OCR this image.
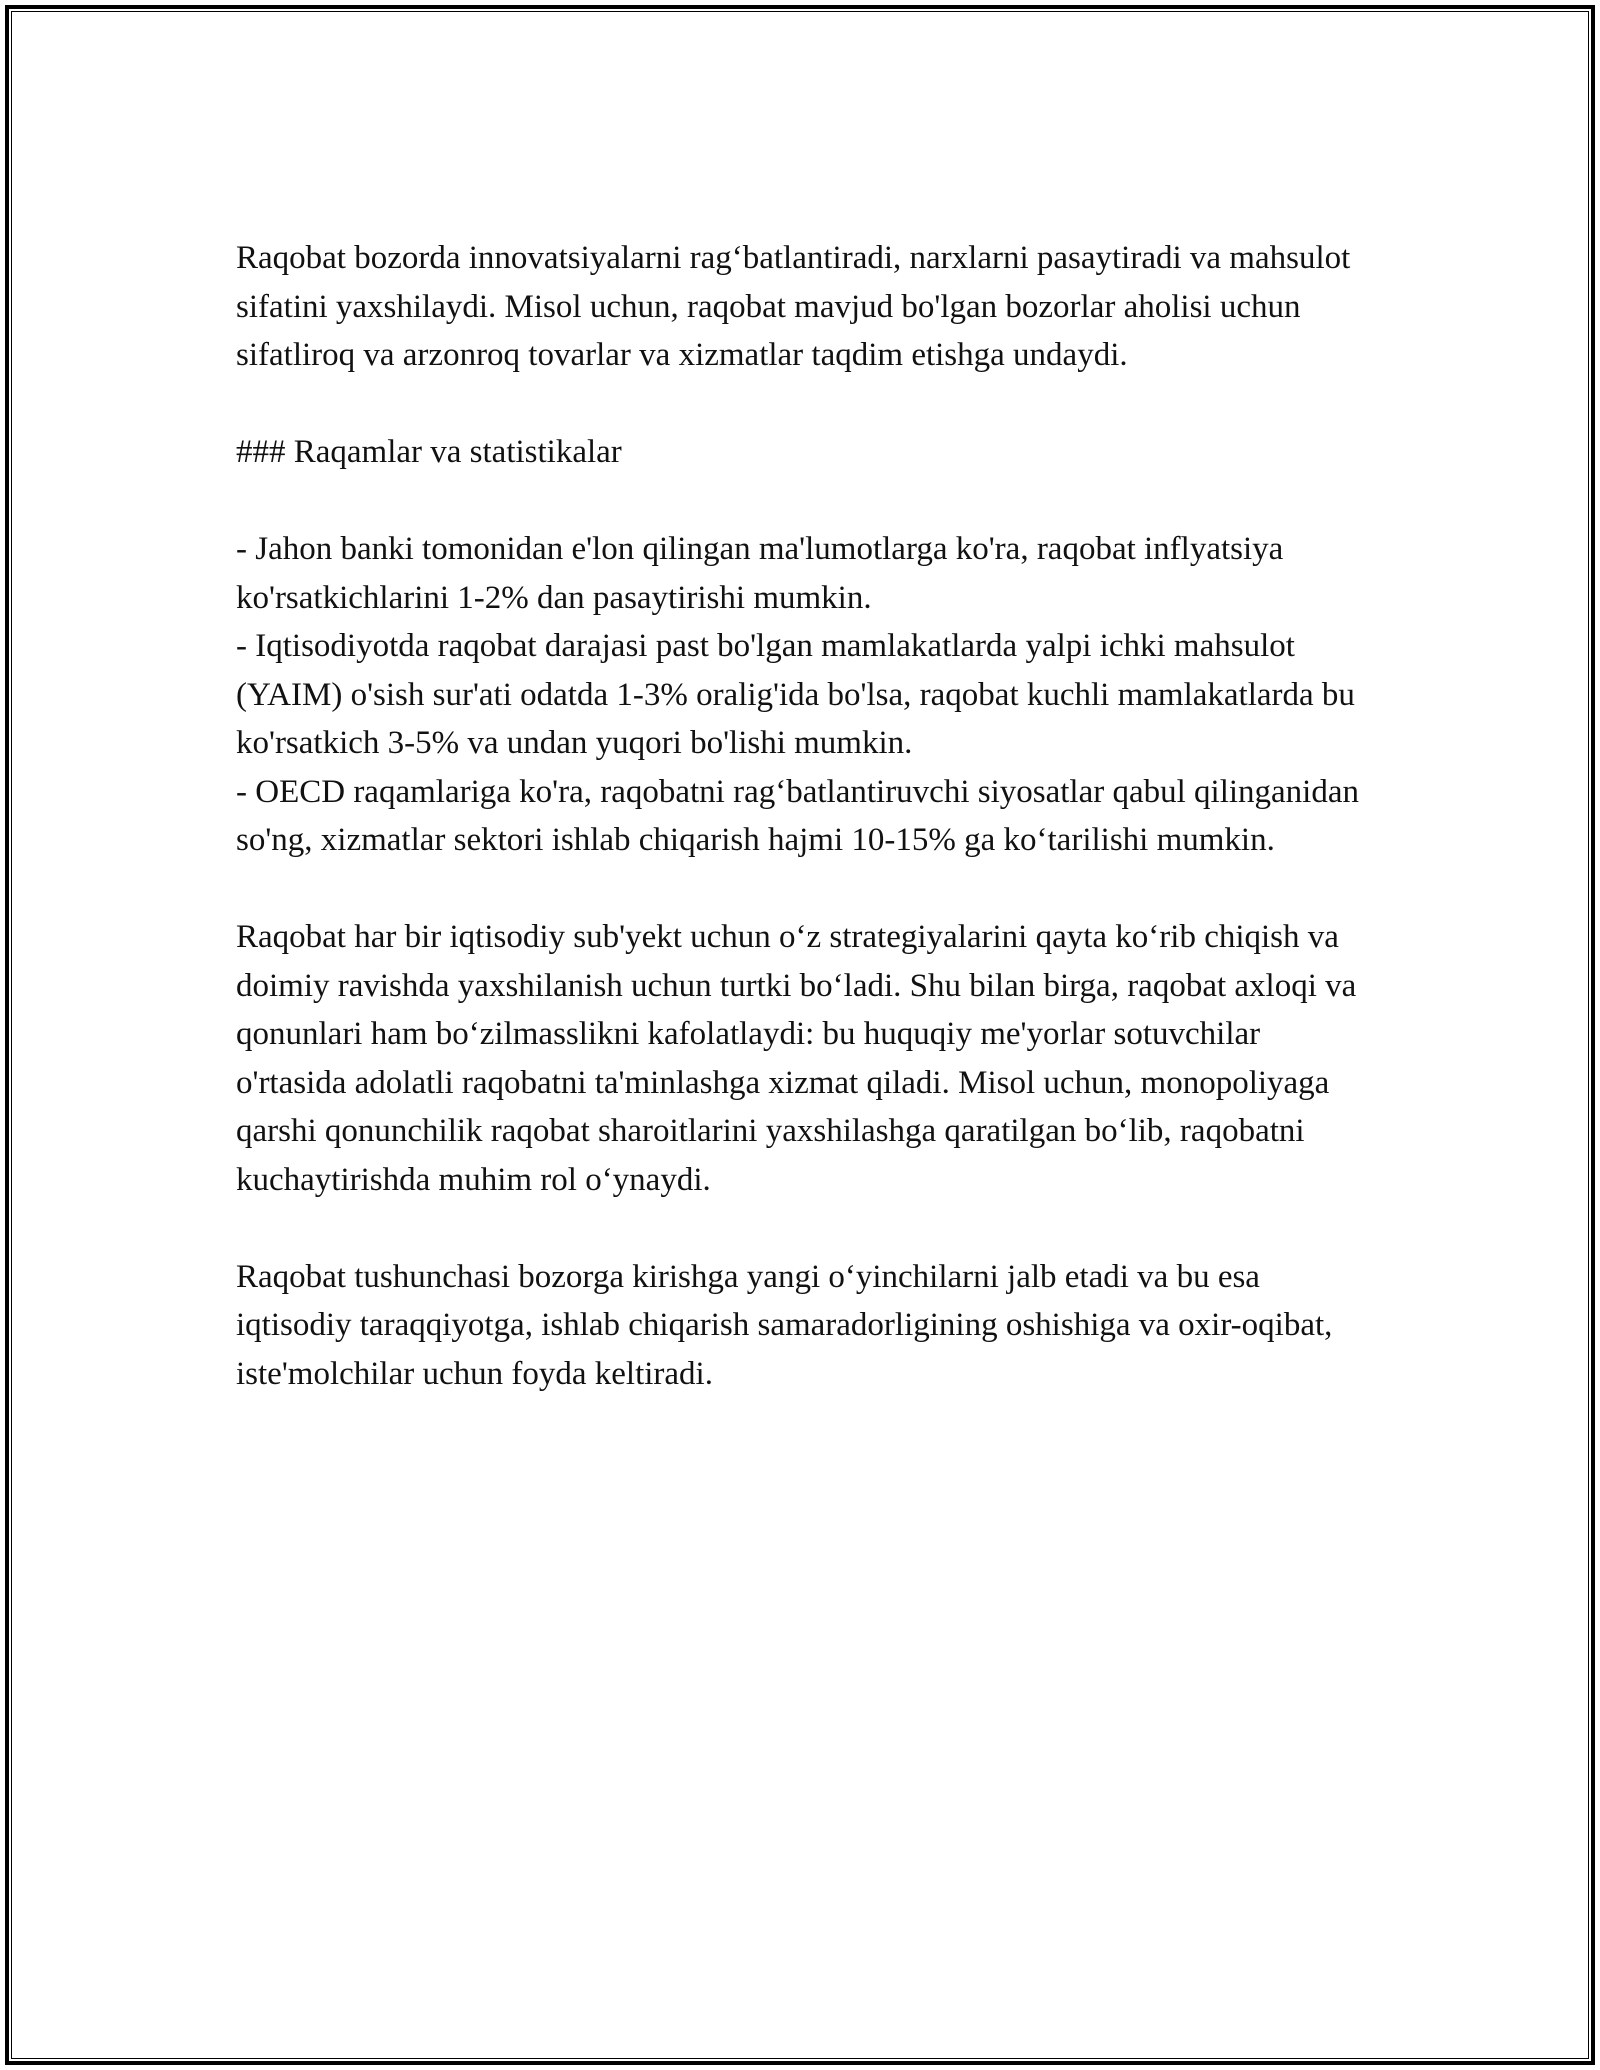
Raqobat bozorda innovatsiyalarni rag‘batlantiradi, narxlarni pasaytiradi va mahsulot sifatini yaxshilaydi. Misol uchun, raqobat mavjud bo'lgan bozorlar aholisi uchun sifatliroq va arzonroq tovarlar va xizmatlar taqdim etishga undaydi.

### Raqamlar va statistikalar

- Jahon banki tomonidan e'lon qilingan ma'lumotlarga ko'ra, raqobat inflyatsiya ko'rsatkichlarini 1-2% dan pasaytirishi mumkin.

- Iqtisodiyotda raqobat darajasi past bo'lgan mamlakatlarda yalpi ichki mahsulot (YAIM) o'sish sur'ati odatda 1-3% oralig'ida bo'lsa, raqobat kuchli mamlakatlarda bu ko'rsatkich 3-5% va undan yuqori bo'lishi mumkin.

- OECD raqamlariga ko'ra, raqobatni rag‘batlantiruvchi siyosatlar qabul qilinganidan so'ng, xizmatlar sektori ishlab chiqarish hajmi 10-15% ga ko‘tarilishi mumkin.

Raqobat har bir iqtisodiy sub'yekt uchun o‘z strategiyalarini qayta ko‘rib chiqish va doimiy ravishda yaxshilanish uchun turtki bo‘ladi. Shu bilan birga, raqobat axloqi va qonunlari ham bo‘zilmasslikni kafolatlaydi: bu huquqiy me'yorlar sotuvchilar o'rtasida adolatli raqobatni ta'minlashga xizmat qiladi. Misol uchun, monopoliyaga qarshi qonunchilik raqobat sharoitlarini yaxshilashga qaratilgan bo‘lib, raqobatni kuchaytirishda muhim rol o‘ynaydi.

Raqobat tushunchasi bozorga kirishga yangi o‘yinchilarni jalb etadi va bu esa iqtisodiy taraqqiyotga, ishlab chiqarish samaradorligining oshishiga va oxir-oqibat, iste'molchilar uchun foyda keltiradi.
